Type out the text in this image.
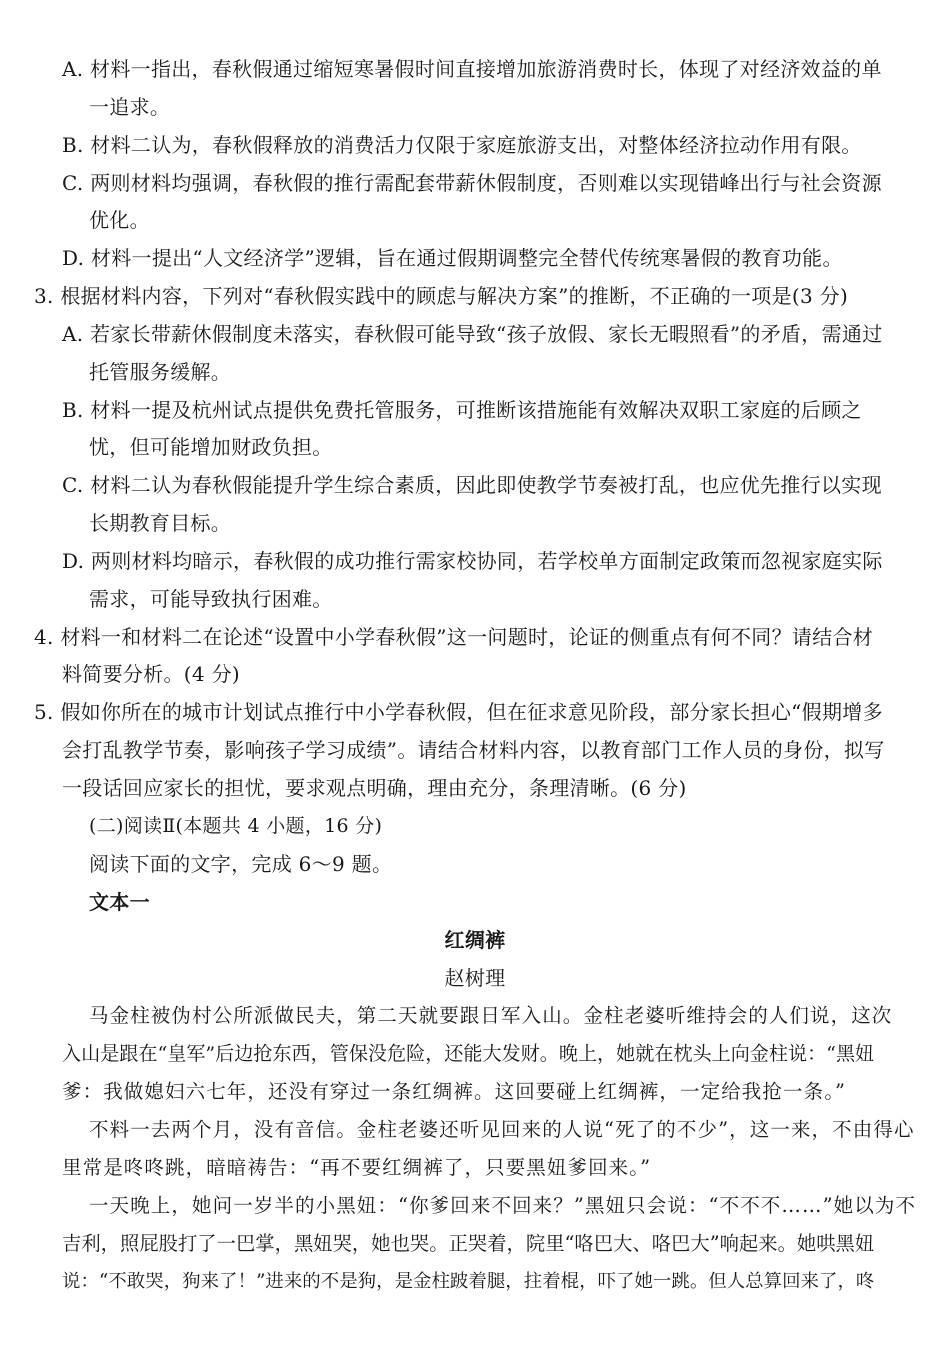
A. 材料一指出，春秋假通过缩短寒暑假时间直接增加旅游消费时长，体现了对经济效益的单
一追求。
B. 材料二认为，春秋假释放的消费活力仅限于家庭旅游支出，对整体经济拉动作用有限。
C. 两则材料均强调，春秋假的推行需配套带薪休假制度，否则难以实现错峰出行与社会资源
优化。
D. 材料一提出“人文经济学”逻辑，旨在通过假期调整完全替代传统寒暑假的教育功能。
3. 根据材料内容，下列对“春秋假实践中的顾虑与解决方案”的推断，不正确的一项是(3 分)
A. 若家长带薪休假制度未落实，春秋假可能导致“孩子放假、家长无暇照看”的矛盾，需通过
托管服务缓解。
B. 材料一提及杭州试点提供免费托管服务，可推断该措施能有效解决双职工家庭的后顾之
忧，但可能增加财政负担。
C. 材料二认为春秋假能提升学生综合素质，因此即使教学节奏被打乱，也应优先推行以实现
长期教育目标。
D. 两则材料均暗示，春秋假的成功推行需家校协同，若学校单方面制定政策而忽视家庭实际
需求，可能导致执行困难。
4. 材料一和材料二在论述“设置中小学春秋假”这一问题时，论证的侧重点有何不同？请结合材
料简要分析。(4 分)
5. 假如你所在的城市计划试点推行中小学春秋假，但在征求意见阶段，部分家长担心“假期增多
会打乱教学节奏，影响孩子学习成绩”。请结合材料内容，以教育部门工作人员的身份，拟写
一段话回应家长的担忧，要求观点明确，理由充分，条理清晰。(6 分)
(二)阅读Ⅱ(本题共 4 小题，16 分)
阅读下面的文字，完成 6～9 题。
文本一
红绸裤
赵树理
马金柱被伪村公所派做民夫，第二天就要跟日军入山。金柱老婆听维持会的人们说，这次
入山是跟在“皇军”后边抢东西，管保没危险，还能大发财。晚上，她就在枕头上向金柱说：“黑妞
爹：我做媳妇六七年，还没有穿过一条红绸裤。这回要碰上红绸裤，一定给我抢一条。”
不料一去两个月，没有音信。金柱老婆还听见回来的人说“死了的不少”，这一来，不由得心
里常是咚咚跳，暗暗祷告：“再不要红绸裤了，只要黑妞爹回来。”
一天晚上，她问一岁半的小黑妞：“你爹回来不回来？”黑妞只会说：“不不不……”她以为不
吉利，照屁股打了一巴掌，黑妞哭，她也哭。正哭着，院里“咯巴大、咯巴大”响起来。她哄黑妞
说：“不敢哭，狗来了！”进来的不是狗，是金柱跛着腿，拄着棍，吓了她一跳。但人总算回来了，咚
